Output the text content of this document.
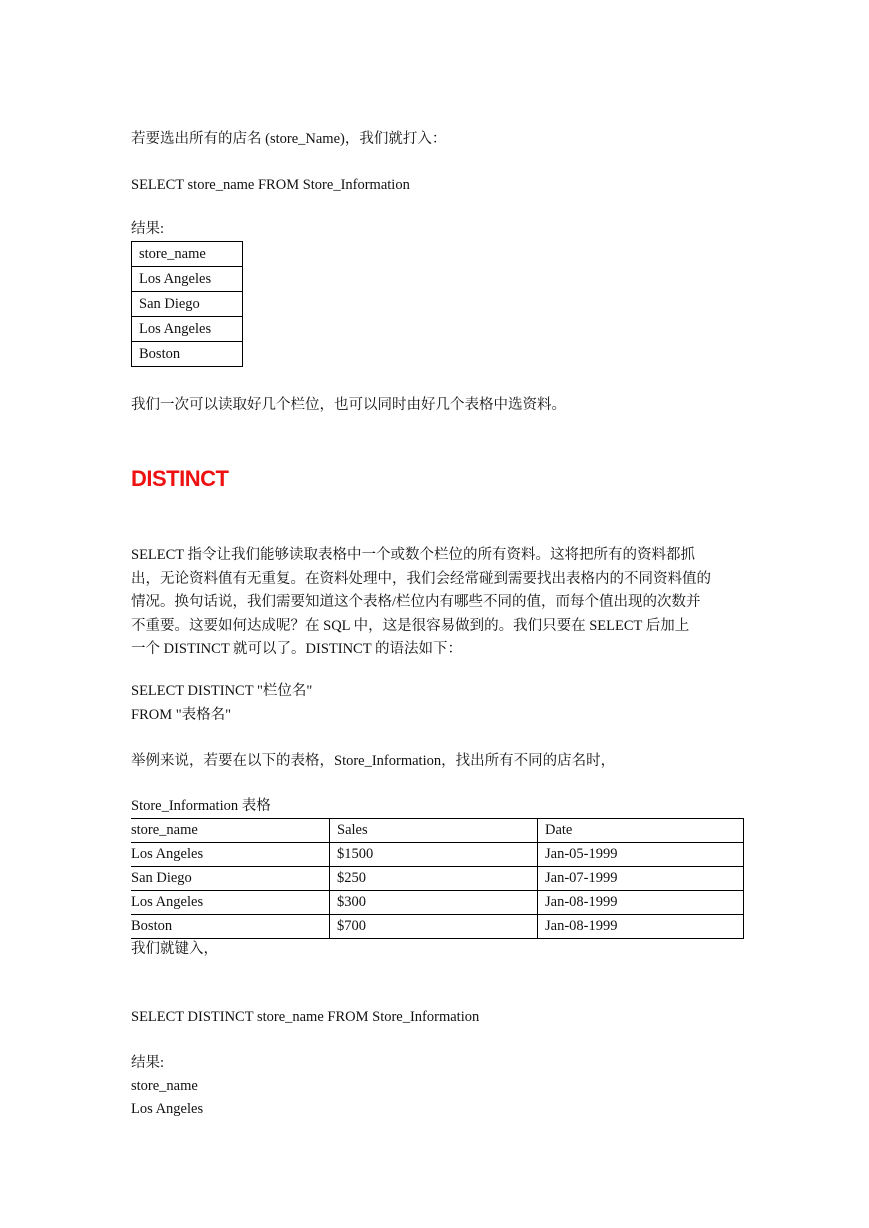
若要选出所有的店名 (store_Name)，我们就打入：
SELECT store_name FROM Store_Information
结果:
store_name
Los Angeles
San Diego
Los Angeles
Boston
我们一次可以读取好几个栏位，也可以同时由好几个表格中选资料。
DISTINCT
SELECT 指令让我们能够读取表格中一个或数个栏位的所有资料。这将把所有的资料都抓
出，无论资料值有无重复。在资料处理中，我们会经常碰到需要找出表格内的不同资料值的
情况。换句话说，我们需要知道这个表格/栏位内有哪些不同的值，而每个值出现的次数并
不重要。这要如何达成呢？在 SQL 中，这是很容易做到的。我们只要在 SELECT 后加上
一个 DISTINCT 就可以了。DISTINCT 的语法如下：
SELECT DISTINCT "栏位名"
FROM "表格名"
举例来说，若要在以下的表格，Store_Information，找出所有不同的店名时，
Store_Information 表格
store_name	Sales	Date
Los Angeles	$1500	Jan-05-1999
San Diego	$250	Jan-07-1999
Los Angeles	$300	Jan-08-1999
Boston	$700	Jan-08-1999
我们就键入，
SELECT DISTINCT store_name FROM Store_Information
结果:
store_name
Los Angeles
